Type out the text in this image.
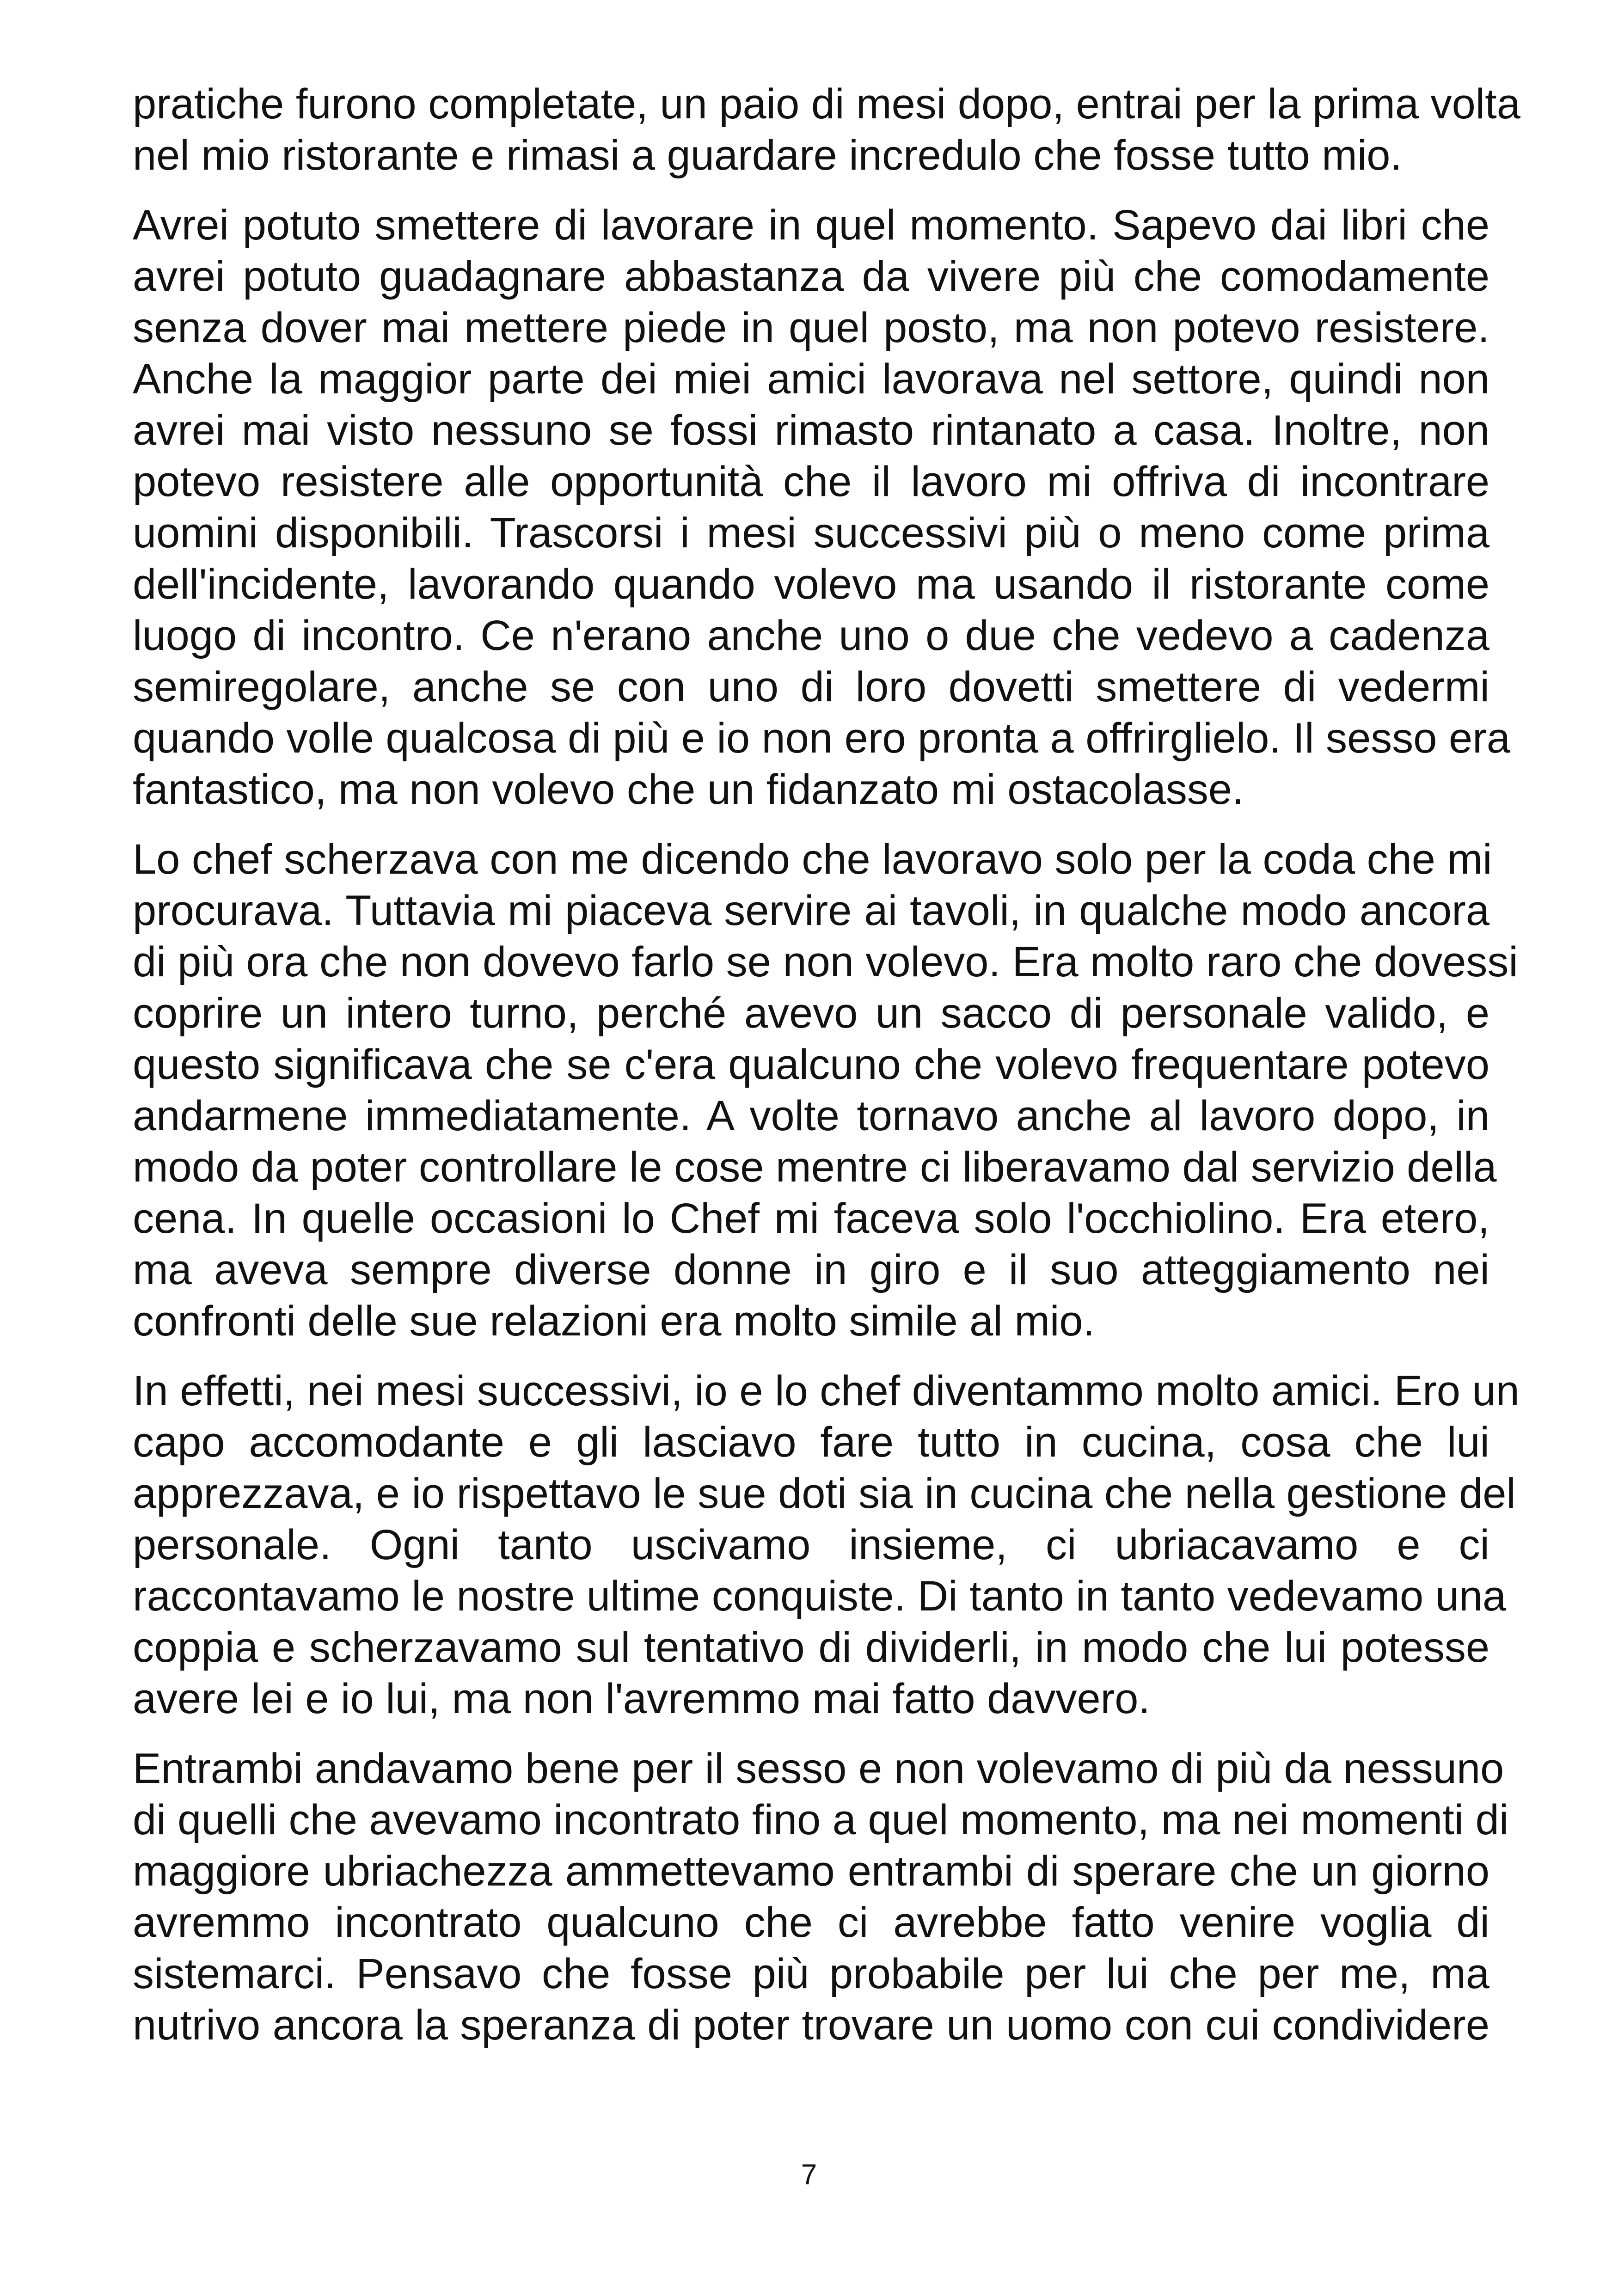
pratiche furono completate, un paio di mesi dopo, entrai per la prima volta
nel mio ristorante e rimasi a guardare incredulo che fosse tutto mio.

Avrei potuto smettere di lavorare in quel momento. Sapevo dai libri che
avrei potuto guadagnare abbastanza da vivere più che comodamente
senza dover mai mettere piede in quel posto, ma non potevo resistere.
Anche la maggior parte dei miei amici lavorava nel settore, quindi non
avrei mai visto nessuno se fossi rimasto rintanato a casa. Inoltre, non
potevo resistere alle opportunità che il lavoro mi offriva di incontrare
uomini disponibili. Trascorsi i mesi successivi più o meno come prima
dell'incidente, lavorando quando volevo ma usando il ristorante come
luogo di incontro. Ce n'erano anche uno o due che vedevo a cadenza
semiregolare, anche se con uno di loro dovetti smettere di vedermi
quando volle qualcosa di più e io non ero pronta a offrirglielo. Il sesso era
fantastico, ma non volevo che un fidanzato mi ostacolasse.

Lo chef scherzava con me dicendo che lavoravo solo per la coda che mi
procurava. Tuttavia mi piaceva servire ai tavoli, in qualche modo ancora
di più ora che non dovevo farlo se non volevo. Era molto raro che dovessi
coprire un intero turno, perché avevo un sacco di personale valido, e
questo significava che se c'era qualcuno che volevo frequentare potevo
andarmene immediatamente. A volte tornavo anche al lavoro dopo, in
modo da poter controllare le cose mentre ci liberavamo dal servizio della
cena. In quelle occasioni lo Chef mi faceva solo l'occhiolino. Era etero,
ma aveva sempre diverse donne in giro e il suo atteggiamento nei
confronti delle sue relazioni era molto simile al mio.

In effetti, nei mesi successivi, io e lo chef diventammo molto amici. Ero un
capo accomodante e gli lasciavo fare tutto in cucina, cosa che lui
apprezzava, e io rispettavo le sue doti sia in cucina che nella gestione del
personale. Ogni tanto uscivamo insieme, ci ubriacavamo e ci
raccontavamo le nostre ultime conquiste. Di tanto in tanto vedevamo una
coppia e scherzavamo sul tentativo di dividerli, in modo che lui potesse
avere lei e io lui, ma non l'avremmo mai fatto davvero.

Entrambi andavamo bene per il sesso e non volevamo di più da nessuno
di quelli che avevamo incontrato fino a quel momento, ma nei momenti di
maggiore ubriachezza ammettevamo entrambi di sperare che un giorno
avremmo incontrato qualcuno che ci avrebbe fatto venire voglia di
sistemarci. Pensavo che fosse più probabile per lui che per me, ma
nutrivo ancora la speranza di poter trovare un uomo con cui condividere

7
